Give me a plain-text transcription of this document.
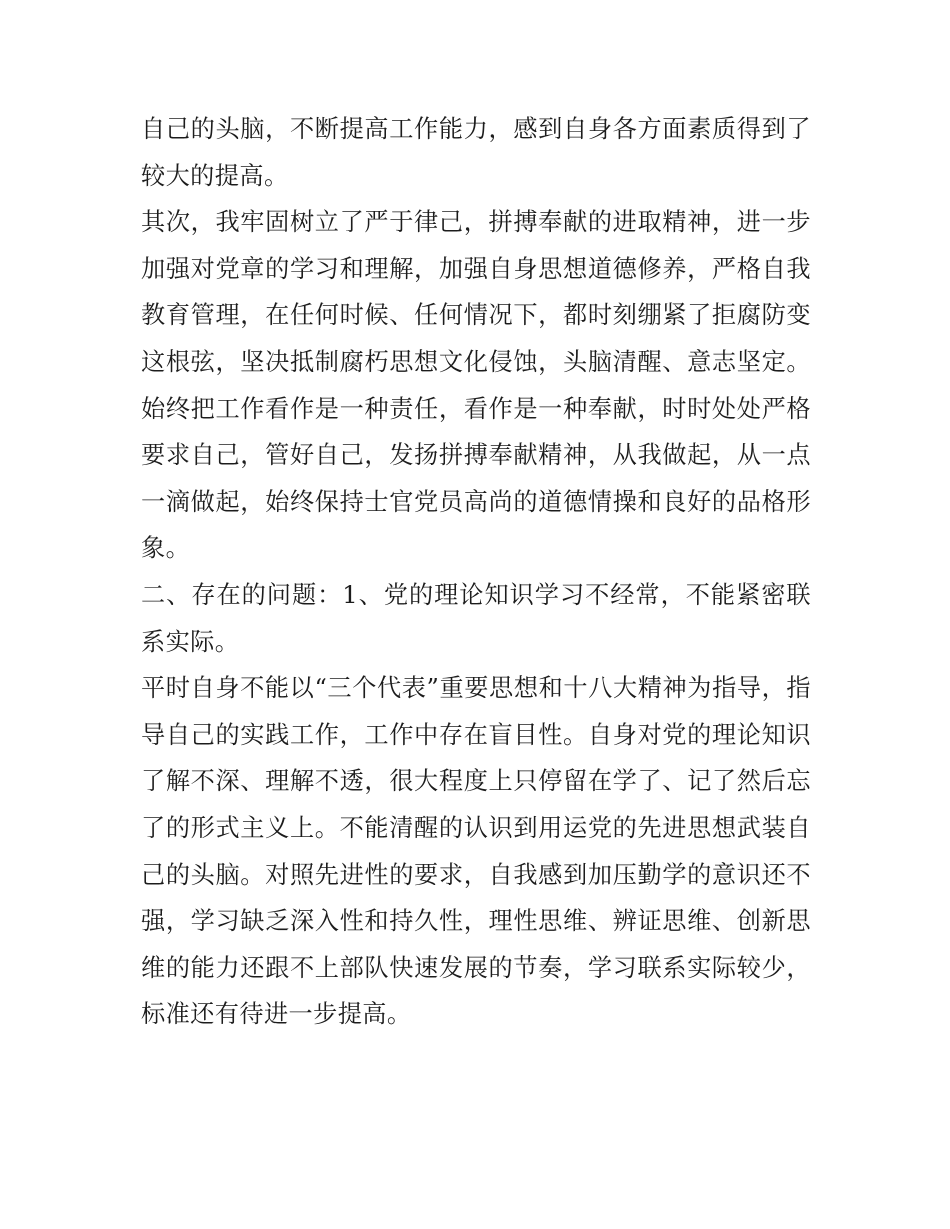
自己的头脑，不断提高工作能力，感到自身各方面素质得到了
较大的提高。
其次，我牢固树立了严于律己，拼搏奉献的进取精神，进一步
加强对党章的学习和理解，加强自身思想道德修养，严格自我
教育管理，在任何时候、任何情况下，都时刻绷紧了拒腐防变
这根弦，坚决抵制腐朽思想文化侵蚀，头脑清醒、意志坚定。
始终把工作看作是一种责任，看作是一种奉献，时时处处严格
要求自己，管好自己，发扬拼搏奉献精神，从我做起，从一点
一滴做起，始终保持士官党员高尚的道德情操和良好的品格形
象。
二、存在的问题：1、党的理论知识学习不经常，不能紧密联
系实际。
平时自身不能以“三个代表”重要思想和十八大精神为指导，指
导自己的实践工作，工作中存在盲目性。自身对党的理论知识
了解不深、理解不透，很大程度上只停留在学了、记了然后忘
了的形式主义上。不能清醒的认识到用运党的先进思想武装自
己的头脑。对照先进性的要求，自我感到加压勤学的意识还不
强，学习缺乏深入性和持久性，理性思维、辨证思维、创新思
维的能力还跟不上部队快速发展的节奏，学习联系实际较少，
标准还有待进一步提高。
